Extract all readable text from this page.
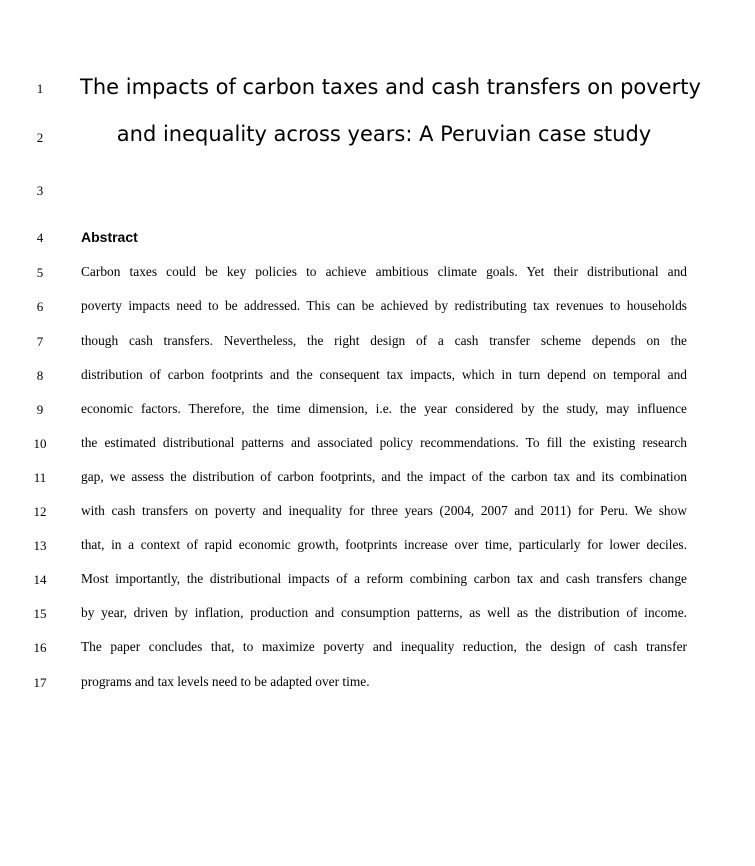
1
2
3
4
5
6
7
8
9
10
11
12
13
14
15
16
17
The impacts of carbon taxes and cash transfers on poverty
and inequality across years: A Peruvian case study
Abstract
Carbon taxes could be key policies to achieve ambitious climate goals. Yet their distributional and
poverty impacts need to be addressed. This can be achieved by redistributing tax revenues to households
though cash transfers. Nevertheless, the right design of a cash transfer scheme depends on the
distribution of carbon footprints and the consequent tax impacts, which in turn depend on temporal and
economic factors. Therefore, the time dimension, i.e. the year considered by the study, may influence
the estimated distributional patterns and associated policy recommendations. To fill the existing research
gap, we assess the distribution of carbon footprints, and the impact of the carbon tax and its combination
with cash transfers on poverty and inequality for three years (2004, 2007 and 2011) for Peru. We show
that, in a context of rapid economic growth, footprints increase over time, particularly for lower deciles.
Most importantly, the distributional impacts of a reform combining carbon tax and cash transfers change
by year, driven by inflation, production and consumption patterns, as well as the distribution of income.
The paper concludes that, to maximize poverty and inequality reduction, the design of cash transfer
programs and tax levels need to be adapted over time.
